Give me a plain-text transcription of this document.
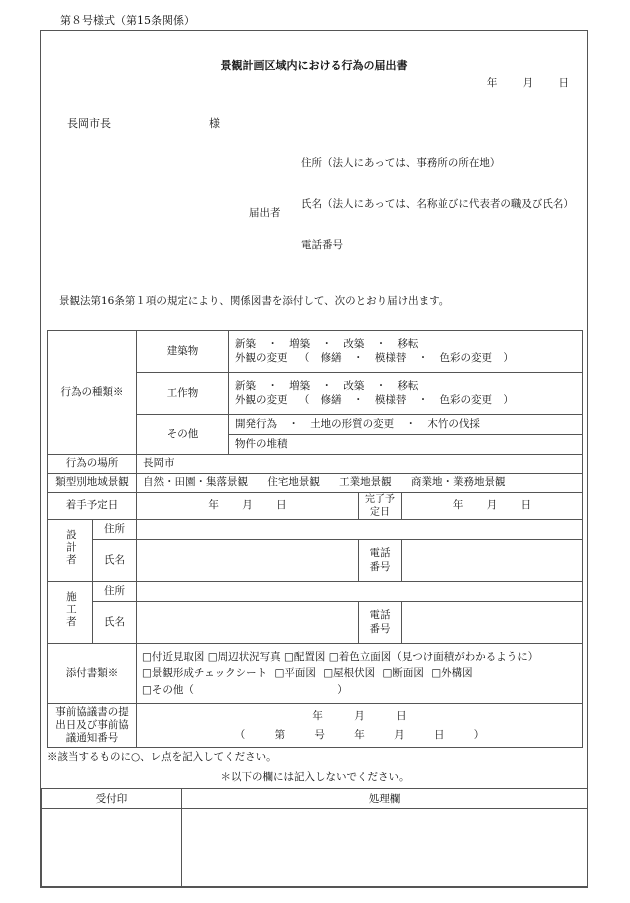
第８号様式（第15条関係）
景観計画区域内における行為の届出書
年 月 日
長岡市長	様
届出者
住所（法人にあっては、事務所の所在地）
氏名（法人にあっては、名称並びに代表者の職及び氏名）
電話番号
景観法第16条第１項の規定により、関係図書を添付して、次のとおり届け出ます。
行為の種類※		建築物	新築 ・ 増築 ・ 改築 ・ 移転
外観の変更 （ 修繕 ・ 模様替 ・ 色彩の変更 ）		

		工作物	新築 ・ 増築 ・ 改築 ・ 移転
外観の変更 （ 修繕 ・ 模様替 ・ 色彩の変更 ）		

		その他	開発行為 ・ 土地の形質の変更 ・ 木竹の伐採		
			物件の堆積		
行為の場所		長岡市			
類型別地域景観		自然・田園・集落景観 住宅地景観 工業地景観 商業地・業務地景観			
着手予定日		年 月 日		完了予定日	年 月 日
設計者	住所				
	氏名			電話
番号	

施工者	住所				
	氏名			電話
番号	

添付書類※		□付近見取図 □周辺状況写真 □配置図 □着色立面図（見つけ面積がわかるように）
□景観形成チェックシート □平面図 □屋根伏図 □断面図 □外構図
□その他（ ）			

事前協議書の提出日及び事前協議通知番号		年 月 日
（ 第 号 年 月 日 ）			
※該当するものに○、レ点を記入してください。
＊以下の欄には記入しないでください。
受付印	処理欄
